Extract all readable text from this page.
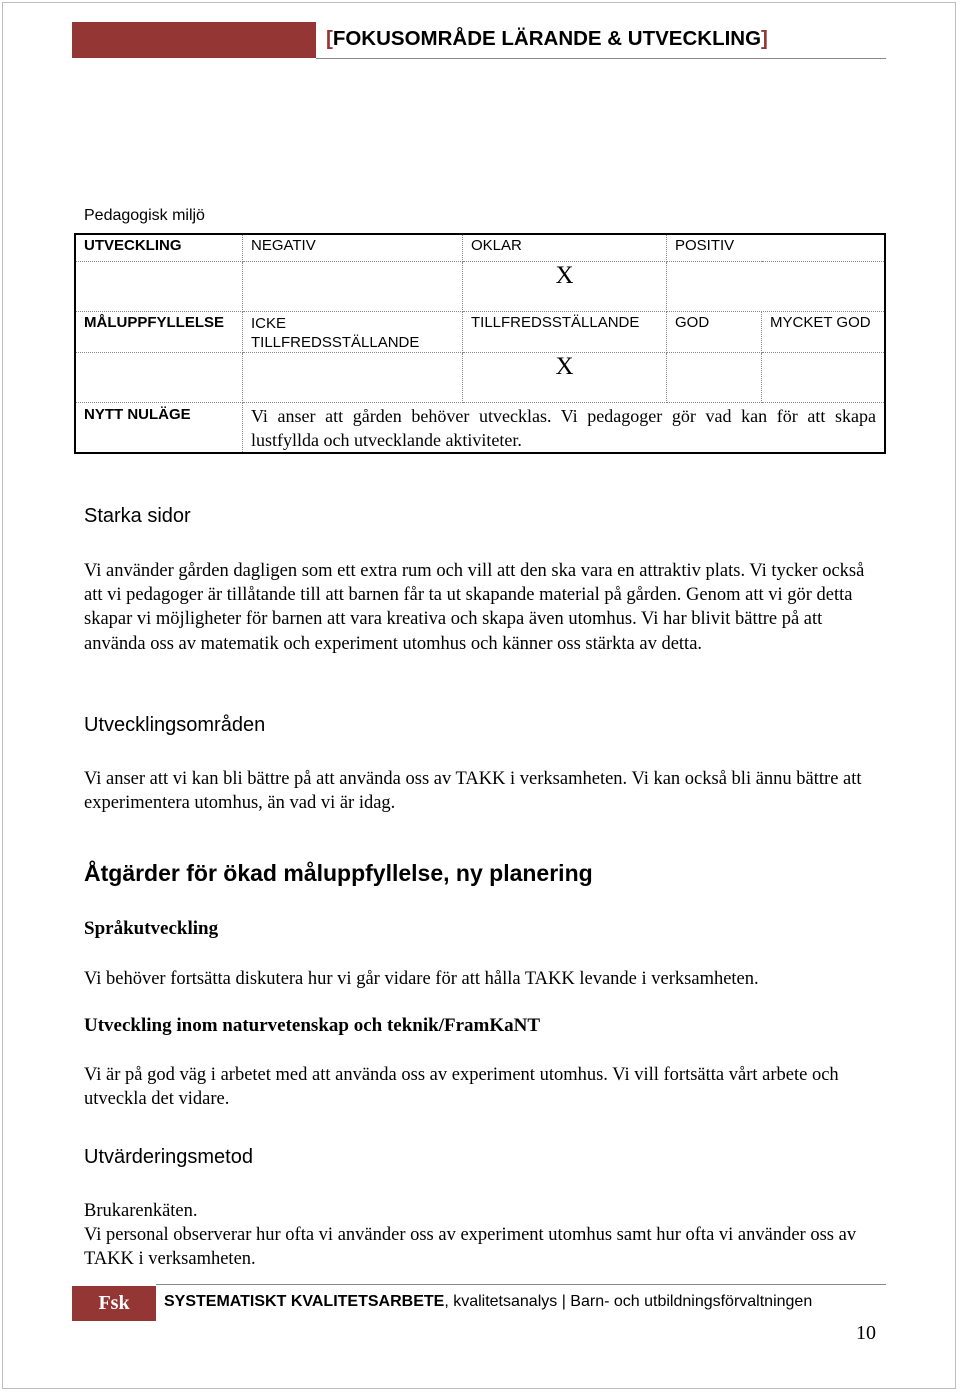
[FOKUSOMRÅDE LÄRANDE & UTVECKLING]
Pedagogisk miljö
UTVECKLING	NEGATIV	OKLAR	POSITIV	
		X		
MÅLUPPFYLLELSE	ICKE TILLFREDSSTÄLLANDE	TILLFREDSSTÄLLANDE	GOD	MYCKET GOD
		X		
NYTT NULÄGE	Vi anser att gården behöver utvecklas. Vi pedagoger gör vad kan för att skapa lustfyllda och utvecklande aktiviteter.			
Starka sidor
Vi använder gården dagligen som ett extra rum och vill att den ska vara en attraktiv plats. Vi tycker också att vi pedagoger är tillåtande till att barnen får ta ut skapande material på gården. Genom att vi gör detta skapar vi möjligheter för barnen att vara kreativa och skapa även utomhus. Vi har blivit bättre på att använda oss av matematik och experiment utomhus och känner oss stärkta av detta.
Utvecklingsområden
Vi anser att vi kan bli bättre på att använda oss av TAKK i verksamheten. Vi kan också bli ännu bättre att experimentera utomhus, än vad vi är idag.
Åtgärder för ökad måluppfyllelse, ny planering
Språkutveckling
Vi behöver fortsätta diskutera hur vi går vidare för att hålla TAKK levande i verksamheten.
Utveckling inom naturvetenskap och teknik/FramKaNT
Vi är på god väg i arbetet med att använda oss av experiment utomhus. Vi vill fortsätta vårt arbete och utveckla det vidare.
Utvärderingsmetod
Brukarenkäten.
Vi personal observerar hur ofta vi använder oss av experiment utomhus samt hur ofta vi använder oss av TAKK i verksamheten.
Fsk	SYSTEMATISKT KVALITETSARBETE, kvalitetsanalys | Barn- och utbildningsförvaltningen
10
